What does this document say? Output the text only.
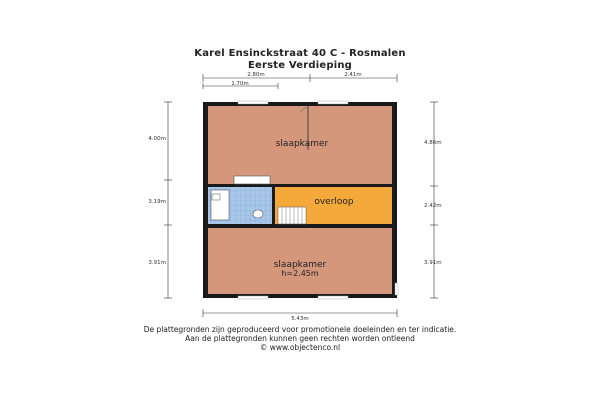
Karel Ensinckstraat 40 C - Rosmalen
Eerste Verdieping
2.80m	2.41m
1.70m
4.00m
3.19m
3.91m
4.86m
2.42m
3.91m
5.43m
slaapkamer
overloop
slaapkamer
h=2.45m
De plattegronden zijn geproduceerd voor promotionele doeleinden en ter indicatie.
Aan de plattegronden kunnen geen rechten worden ontleend
© www.objectenco.nl
